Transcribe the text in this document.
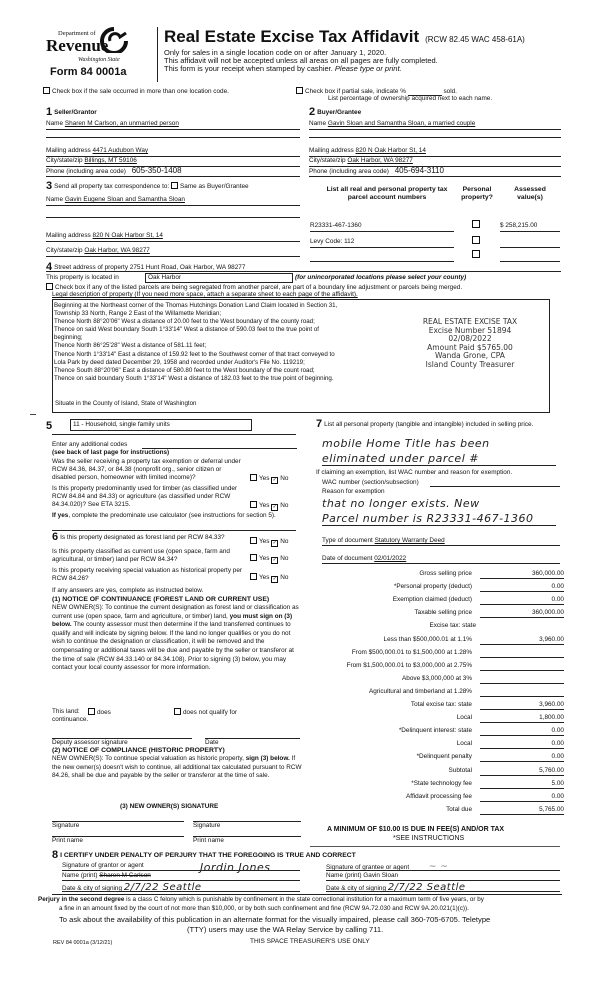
Department of
Revenue
Washington State
Form 84 0001a
Real Estate Excise Tax Affidavit (RCW 82.45 WAC 458-61A)
Only for sales in a single location code on or after January 1, 2020.
This affidavit will not be accepted unless all areas on all pages are fully completed.
This form is your receipt when stamped by cashier. Please type or print.
Check box if the sale occurred in more than one location code.	Check box if partial sale, indicate %	sold.
List percentage of ownership acquired next to each name.
1 Seller/Grantor
Name Sharen M Carlson, an unmarried person
Mailing address 4471 Audubon Way
City/state/zip Billings, MT 59106
Phone (including area code) 605-350-1408
2 Buyer/Grantee
Name Gavin Sloan and Samantha Sloan, a married couple
Mailing address 820 N Oak Harbor St, 14
City/state/zip Oak Harbor, WA 98277
Phone (including area code) 405-694-3110
3 Send all property tax correspondence to: Same as Buyer/Grantee
Name Gavin Eugene Sloan and Samantha Sloan
Mailing address 820 N Oak Harbor St, 14
City/state/zip Oak Harbor, WA 98277
List all real and personal property tax
parcel account numbers
Personal
property?
Assessed
value(s)
R23331-467-1360	$ 258,215.00
Levy Code: 112
4 Street address of property 2751 Hunt Road, Oak Harbor, WA 98277
This property is located in	Oak Harbor	(for unincorporated locations please select your county)
Check box if any of the listed parcels are being segregated from another parcel, are part of a boundary line adjustment or parcels being merged.
Legal description of property (If you need more space, attach a separate sheet to each page of the affidavit).
Beginning at the Northeast corner of the Thomas Hutchings Donation Land Claim located in Section 31,
Township 33 North, Range 2 East of the Willamette Meridian;
Thence North 88°20'06" West a distance of 20.00 feet to the West boundary of the county road;
Thence on said West boundary South 1°33'14" West a distance of 590.03 feet to the true point of
beginning;
Thence North 86°25'28" West a distance of 581.11 feet;
Thence North 1°33'14" East a distance of 159.92 feet to the Southwest corner of that tract conveyed to
Lola Park by deed dated December 29, 1958 and recorded under Auditor's File No. 119219;
Thence South 88°20'06" East a distance of 580.80 feet to the West boundary of the count road;
Thence on said boundary South 1°33'14" West a distance of 182.03 feet to the true point of beginning.
Situate in the County of Island, State of Washington
REAL ESTATE EXCISE TAX
Excise Number 51894
02/08/2022
Amount Paid $5765.00
Wanda Grone, CPA
Island County Treasurer
5	11 - Household, single family units
Enter any additional codes
(see back of last page for instructions)
Was the seller receiving a property tax exemption or deferral under RCW 84.36, 84.37, or 84.38 (nonprofit org., senior citizen or disabled person, homeowner with limited income)?	Yes ✓ No
Is this property predominantly used for timber (as classified under RCW 84.84 and 84.33) or agriculture (as classified under RCW 84.34.020)? See ETA 3215.	Yes ✓ No
If yes, complete the predominate use calculator (see instructions for section 5).
6 Is this property designated as forest land per RCW 84.33?
Yes ✓ No
Is this property classified as current use (open space, farm and agricultural, or timber) land per RCW 84.34?	Yes ✓ No
Is this property receiving special valuation as historical property per RCW 84.26?	Yes ✓ No
If any answers are yes, complete as instructed below.
(1) NOTICE OF CONTINUANCE (FOREST LAND OR CURRENT USE)
NEW OWNER(S): To continue the current designation as forest land or classification as current use (open space, farm and agriculture, or timber) land, you must sign on (3) below. The county assessor must then determine if the land transferred continues to qualify and will indicate by signing below. If the land no longer qualifies or you do not wish to continue the designation or classification, it will be removed and the compensating or additional taxes will be due and payable by the seller or transferor at the time of sale (RCW 84.33.140 or 84.34.108). Prior to signing (3) below, you may contact your local county assessor for more information.
This land:	does	does not qualify for
continuance.
Deputy assessor signature	Date
(2) NOTICE OF COMPLIANCE (HISTORIC PROPERTY)
NEW OWNER(S): To continue special valuation as historic property, sign (3) below. If the new owner(s) doesn't wish to continue, all additional tax calculated pursuant to RCW 84.26, shall be due and payable by the seller or transferor at the time of sale.
(3) NEW OWNER(S) SIGNATURE
Signature	Signature
Print name	Print name
7 List all personal property (tangible and intangible) included in selling price.
mobile Home Title has been
eliminated under parcel #
If claiming an exemption, list WAC number and reason for exemption.
WAC number (section/subsection)
Reason for exemption
that no longer exists. New
Parcel number is R23331-467-1360
Type of document Statutory Warranty Deed
Date of document 02/01/2022
Gross selling price	360,000.00
*Personal property (deduct)	0.00
Exemption claimed (deduct)	0.00
Taxable selling price	360,000.00
Excise tax: state
Less than $500,000.01 at 1.1%	3,960.00
From $500,000.01 to $1,500,000 at 1.28%
From $1,500,000.01 to $3,000,000 at 2.75%
Above $3,000,000 at 3%
Agricultural and timberland at 1.28%
Total excise tax: state	3,960.00
Local	1,800.00
*Delinquent interest: state	0.00
Local	0.00
*Delinquent penalty	0.00
Subtotal	5,760.00
*State technology fee	5.00
Affidavit processing fee	0.00
Total due	5,765.00
A MINIMUM OF $10.00 IS DUE IN FEE(S) AND/OR TAX
*SEE INSTRUCTIONS
8 I CERTIFY UNDER PENALTY OF PERJURY THAT THE FOREGOING IS TRUE AND CORRECT
Signature of grantor or agent
Name (print) Sharen M Carlson
Jordin Jones
Date & city of signing 2/7/22 Seattle
Signature of grantee or agent ~ ~
Name (print) Gavin Sloan
Date & city of signing 2/7/22 Seattle
Perjury in the second degree is a class C felony which is punishable by confinement in the state correctional institution for a maximum term of five years, or by
a fine in an amount fixed by the court of not more than $10,000, or by both such confinement and fine (RCW 9A.72.030 and RCW 9A.20.021(1)(c)).
To ask about the availability of this publication in an alternate format for the visually impaired, please call 360-705-6705. Teletype
(TTY) users may use the WA Relay Service by calling 711.
REV 84 0001a (3/12/21)	THIS SPACE TREASURER'S USE ONLY
